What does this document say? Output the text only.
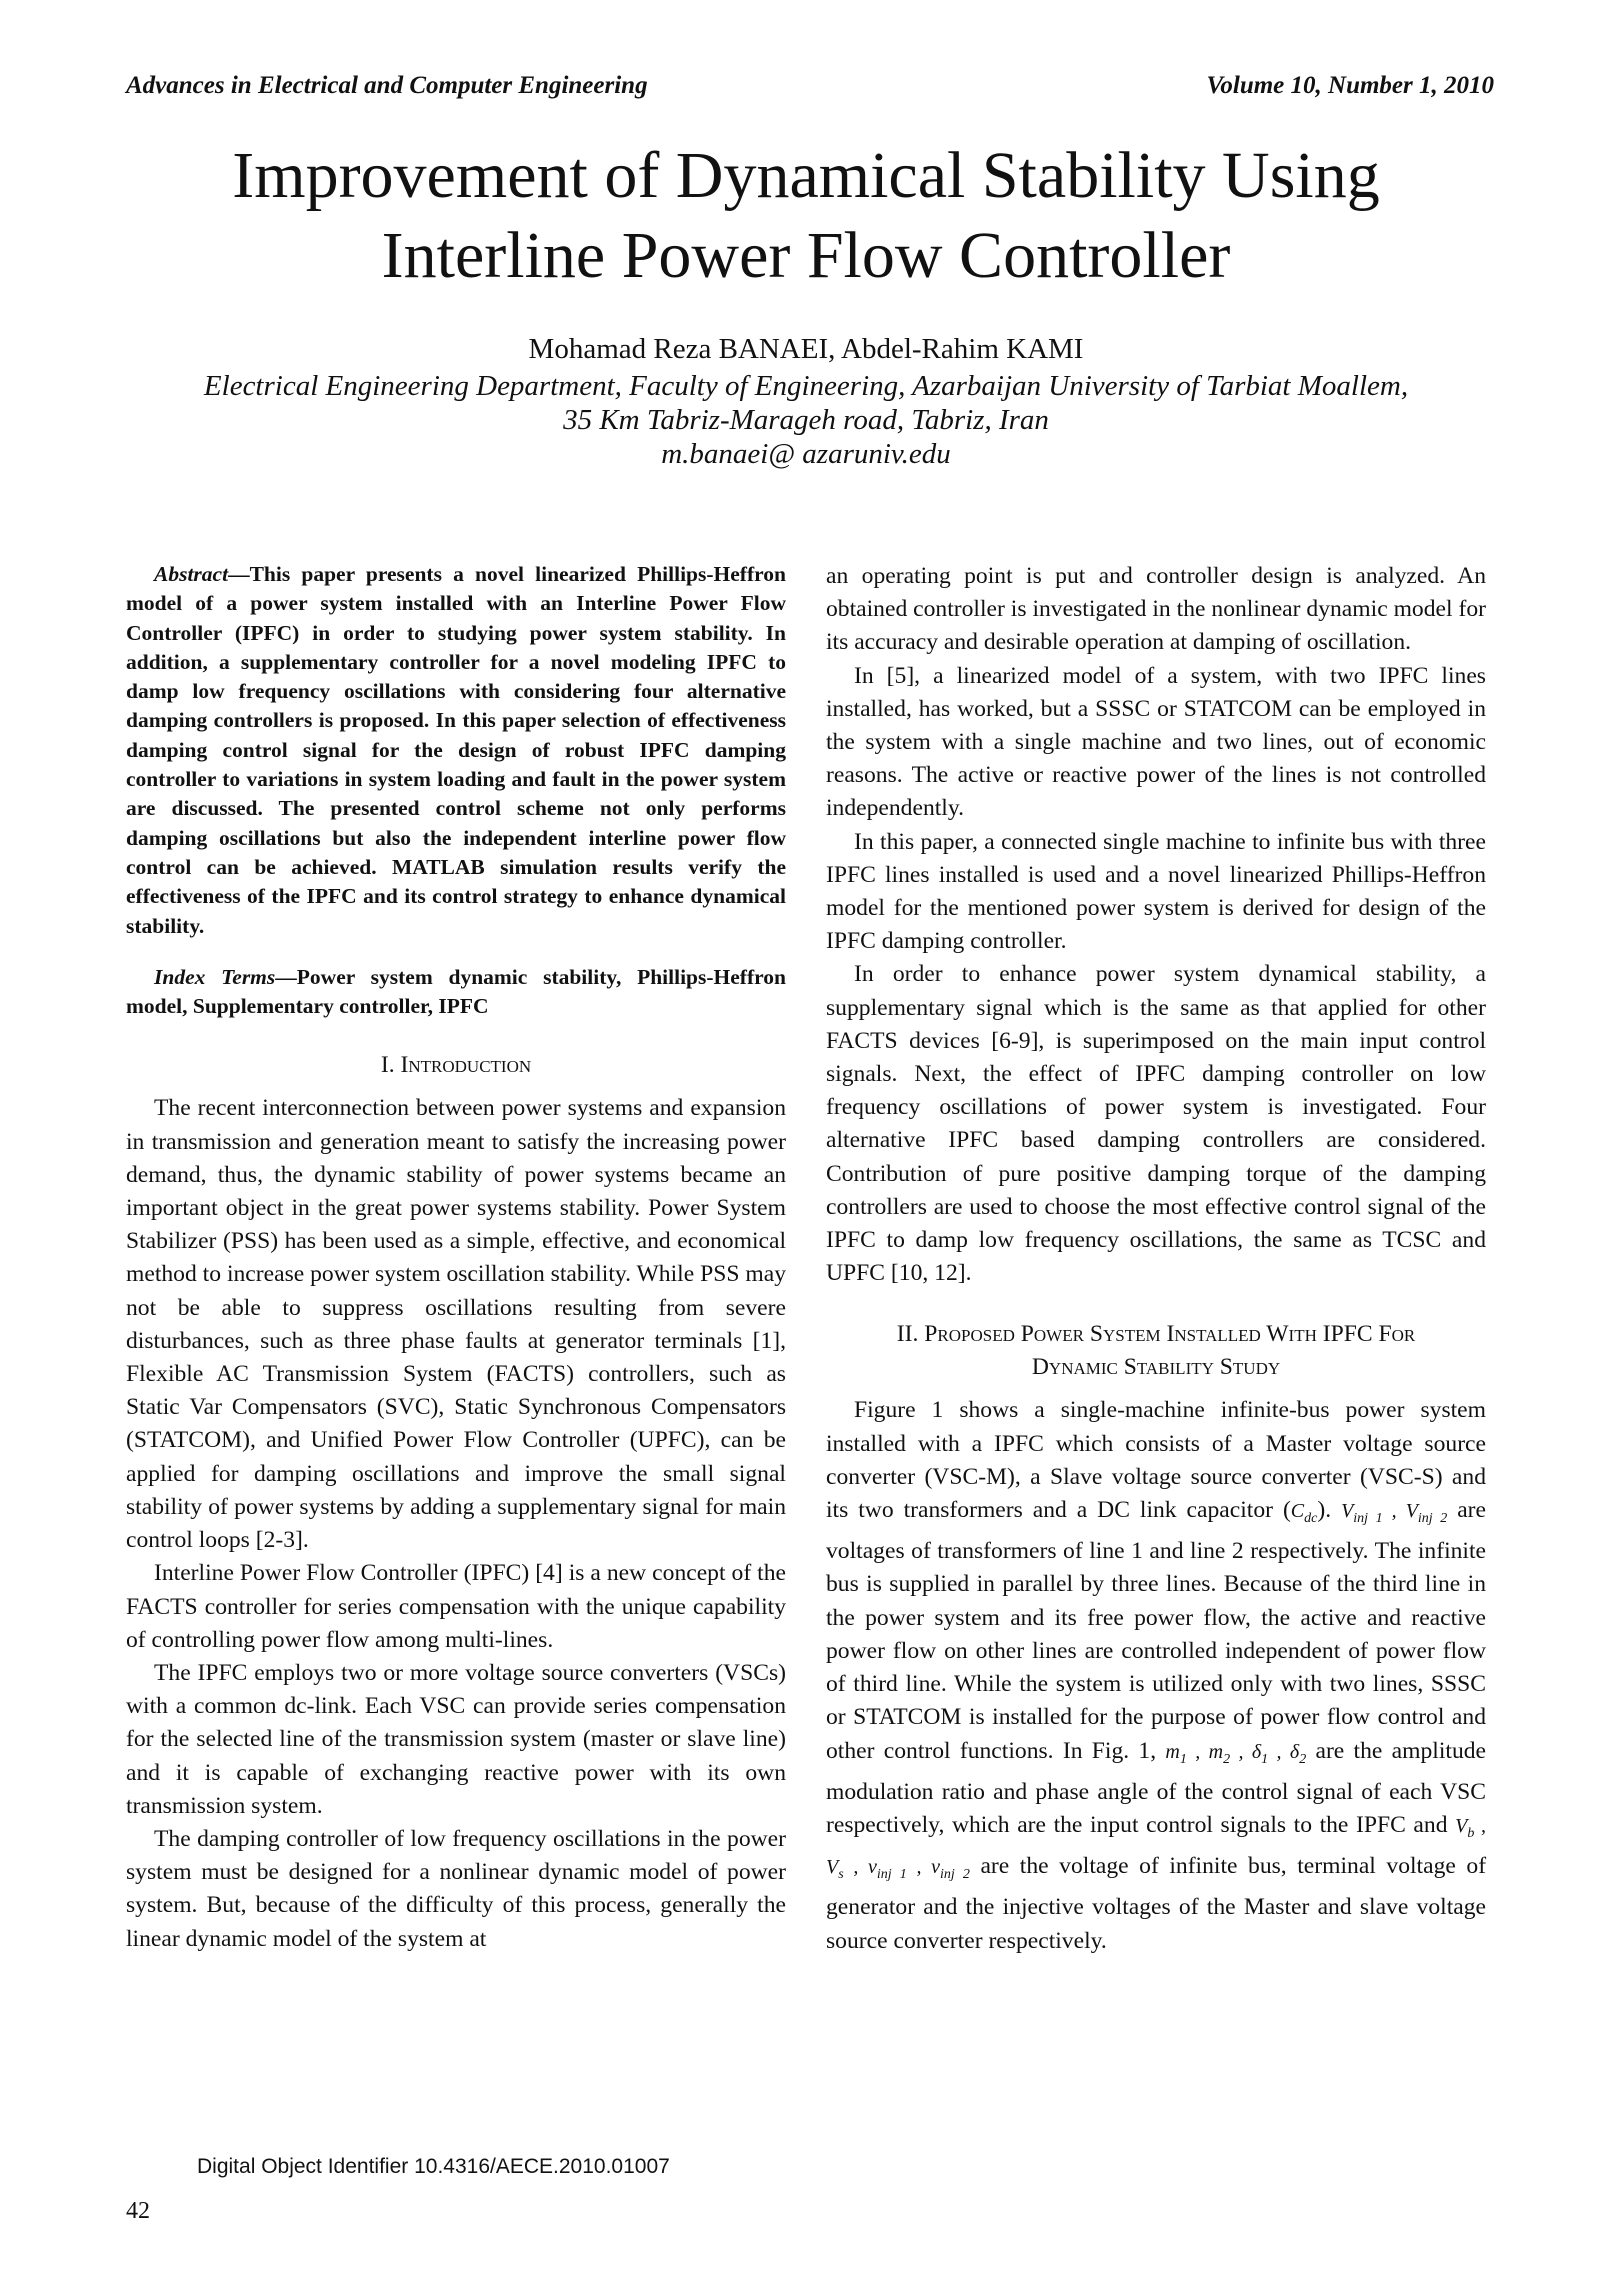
Advances in Electrical and Computer Engineering	Volume 10, Number 1, 2010
Improvement of Dynamical Stability Using
Interline Power Flow Controller
Mohamad Reza BANAEI, Abdel-Rahim KAMI
Electrical Engineering Department, Faculty of Engineering, Azarbaijan University of Tarbiat Moallem,
35 Km Tabriz-Marageh road, Tabriz, Iran
m.banaei@ azaruniv.edu

Abstract—This paper presents a novel linearized Phillips-Heffron model of a power system installed with an Interline Power Flow Controller (IPFC) in order to studying power system stability. In addition, a supplementary controller for a novel modeling IPFC to damp low frequency oscillations with considering four alternative damping controllers is proposed. In this paper selection of effectiveness damping control signal for the design of robust IPFC damping controller to variations in system loading and fault in the power system are discussed. The presented control scheme not only performs damping oscillations but also the independent interline power flow control can be achieved. MATLAB simulation results verify the effectiveness of the IPFC and its control strategy to enhance dynamical stability.

Index Terms—Power system dynamic stability, Phillips-Heffron model, Supplementary controller, IPFC

I. Introduction

The recent interconnection between power systems and expansion in transmission and generation meant to satisfy the increasing power demand, thus, the dynamic stability of power systems became an important object in the great power systems stability. Power System Stabilizer (PSS) has been used as a simple, effective, and economical method to increase power system oscillation stability. While PSS may not be able to suppress oscillations resulting from severe disturbances, such as three phase faults at generator terminals [1], Flexible AC Transmission System (FACTS) controllers, such as Static Var Compensators (SVC), Static Synchronous Compensators (STATCOM), and Unified Power Flow Controller (UPFC), can be applied for damping oscillations and improve the small signal stability of power systems by adding a supplementary signal for main control loops [2-3].

Interline Power Flow Controller (IPFC) [4] is a new concept of the FACTS controller for series compensation with the unique capability of controlling power flow among multi-lines.

The IPFC employs two or more voltage source converters (VSCs) with a common dc-link. Each VSC can provide series compensation for the selected line of the transmission system (master or slave line) and it is capable of exchanging reactive power with its own transmission system.

The damping controller of low frequency oscillations in the power system must be designed for a nonlinear dynamic model of power system. But, because of the difficulty of this process, generally the linear dynamic model of the system at

an operating point is put and controller design is analyzed. An obtained controller is investigated in the nonlinear dynamic model for its accuracy and desirable operation at damping of oscillation.

In [5], a linearized model of a system, with two IPFC lines installed, has worked, but a SSSC or STATCOM can be employed in the system with a single machine and two lines, out of economic reasons. The active or reactive power of the lines is not controlled independently.

In this paper, a connected single machine to infinite bus with three IPFC lines installed is used and a novel linearized Phillips-Heffron model for the mentioned power system is derived for design of the IPFC damping controller.

In order to enhance power system dynamical stability, a supplementary signal which is the same as that applied for other FACTS devices [6-9], is superimposed on the main input control signals. Next, the effect of IPFC damping controller on low frequency oscillations of power system is investigated. Four alternative IPFC based damping controllers are considered. Contribution of pure positive damping torque of the damping controllers are used to choose the most effective control signal of the IPFC to damp low frequency oscillations, the same as TCSC and UPFC [10, 12].

II. Proposed Power System Installed With IPFC For
Dynamic Stability Study

Figure 1 shows a single-machine infinite-bus power system installed with a IPFC which consists of a Master voltage source converter (VSC-M), a Slave voltage source converter (VSC-S) and its two transformers and a DC link capacitor $(C_{dc})$. $V_{inj 1}$ , $V_{inj 2}$ are voltages of transformers of line 1 and line 2 respectively. The infinite bus is supplied in parallel by three lines. Because of the third line in the power system and its free power flow, the active and reactive power flow on other lines are controlled independent of power flow of third line. While the system is utilized only with two lines, SSSC or STATCOM is installed for the purpose of power flow control and other control functions. In Fig. 1, $m_1$ , $m_2$ , $\delta_1$ , $\delta_2$ are the amplitude modulation ratio and phase angle of the control signal of each VSC respectively, which are the input control signals to the IPFC and $V_b$ , $V_s$ , $v_{inj 1}$ , $v_{inj 2}$ are the voltage of infinite bus, terminal voltage of generator and the injective voltages of the Master and slave voltage source converter respectively.

Digital Object Identifier 10.4316/AECE.2010.01007
42
